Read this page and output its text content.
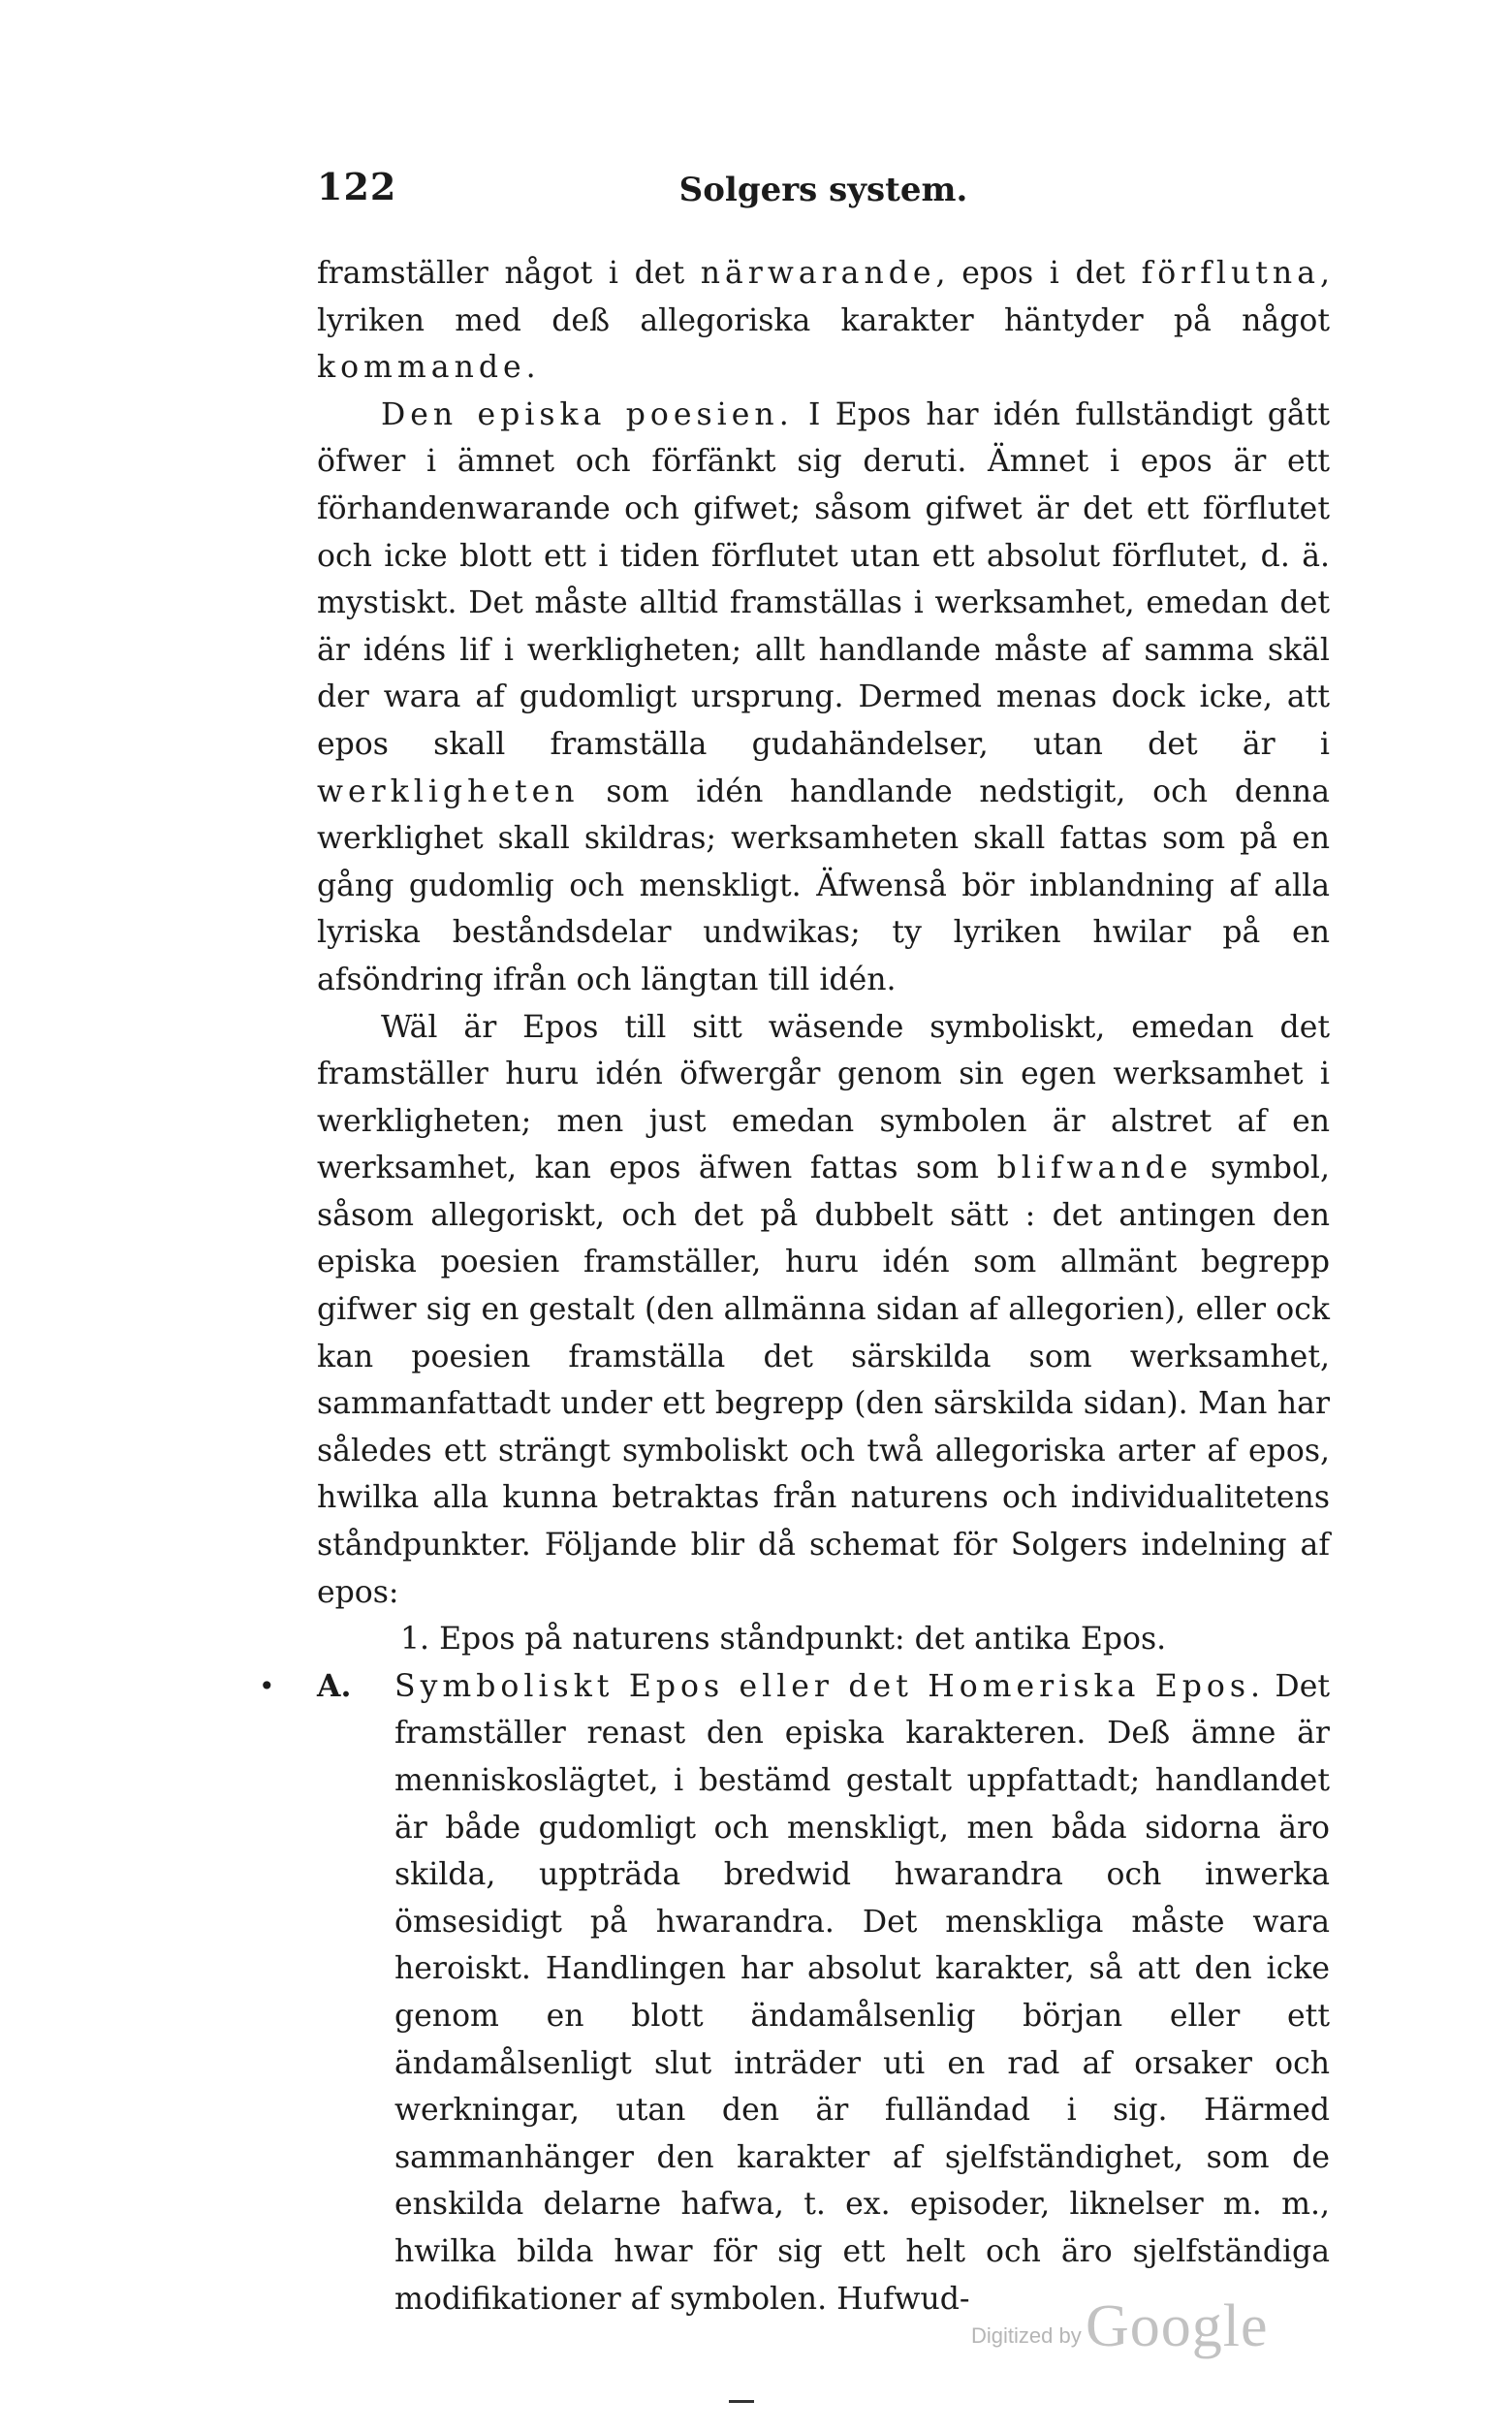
122	Solgers system.

framställer något i det närwarande, epos i det förflutna, lyriken med deß allegoriska karakter häntyder på något kommande.

Den episka poesien. I Epos har idén fullständigt gått öfwer i ämnet och förfänkt sig deruti. Ämnet i epos är ett förhandenwarande och gifwet; såsom gifwet är det ett förflutet och icke blott ett i tiden förflutet utan ett absolut förflutet, d. ä. mystiskt. Det måste alltid framställas i werksamhet, emedan det är idéns lif i werkligheten; allt handlande måste af samma skäl der wara af gudomligt ursprung. Dermed menas dock icke, att epos skall framställa gudahändelser, utan det är i werkligheten som idén handlande nedstigit, och denna werklighet skall skildras; werksamheten skall fattas som på en gång gudomlig och menskligt. Äfwenså bör inblandning af alla lyriska beståndsdelar undwikas; ty lyriken hwilar på en afsöndring ifrån och längtan till idén.

Wäl är Epos till sitt wäsende symboliskt, emedan det framställer huru idén öfwergår genom sin egen werksamhet i werkligheten; men just emedan symbolen är alstret af en werksamhet, kan epos äfwen fattas som blifwande symbol, såsom allegoriskt, och det på dubbelt sätt : det antingen den episka poesien framställer, huru idén som allmänt begrepp gifwer sig en gestalt (den allmänna sidan af allegorien), eller ock kan poesien framställa det särskilda som werksamhet, sammanfattadt under ett begrepp (den särskilda sidan). Man har således ett strängt symboliskt och twå allegoriska arter af epos, hwilka alla kunna betraktas från naturens och individualitetens ståndpunkter. Följande blir då schemat för Solgers indelning af epos:

1. Epos på naturens ståndpunkt: det antika Epos.

• A. Symboliskt Epos eller det Homeriska Epos. Det framställer renast den episka karakteren. Deß ämne är menniskoslägtet, i bestämd gestalt uppfattadt; handlandet är både gudomligt och menskligt, men båda sidorna äro skilda, uppträda bredwid hwarandra och inwerka ömsesidigt på hwarandra. Det menskliga måste wara heroiskt. Handlingen har absolut karakter, så att den icke genom en blott ändamålsenlig början eller ett ändamålsenligt slut inträder uti en rad af orsaker och werkningar, utan den är fulländad i sig. Härmed sammanhänger den karakter af sjelfständighet, som de enskilda delarne hafwa, t. ex. episoder, liknelser m. m., hwilka bilda hwar för sig ett helt och äro sjelfständiga modifikationer af symbolen. Hufwud-

Digitized by Google
